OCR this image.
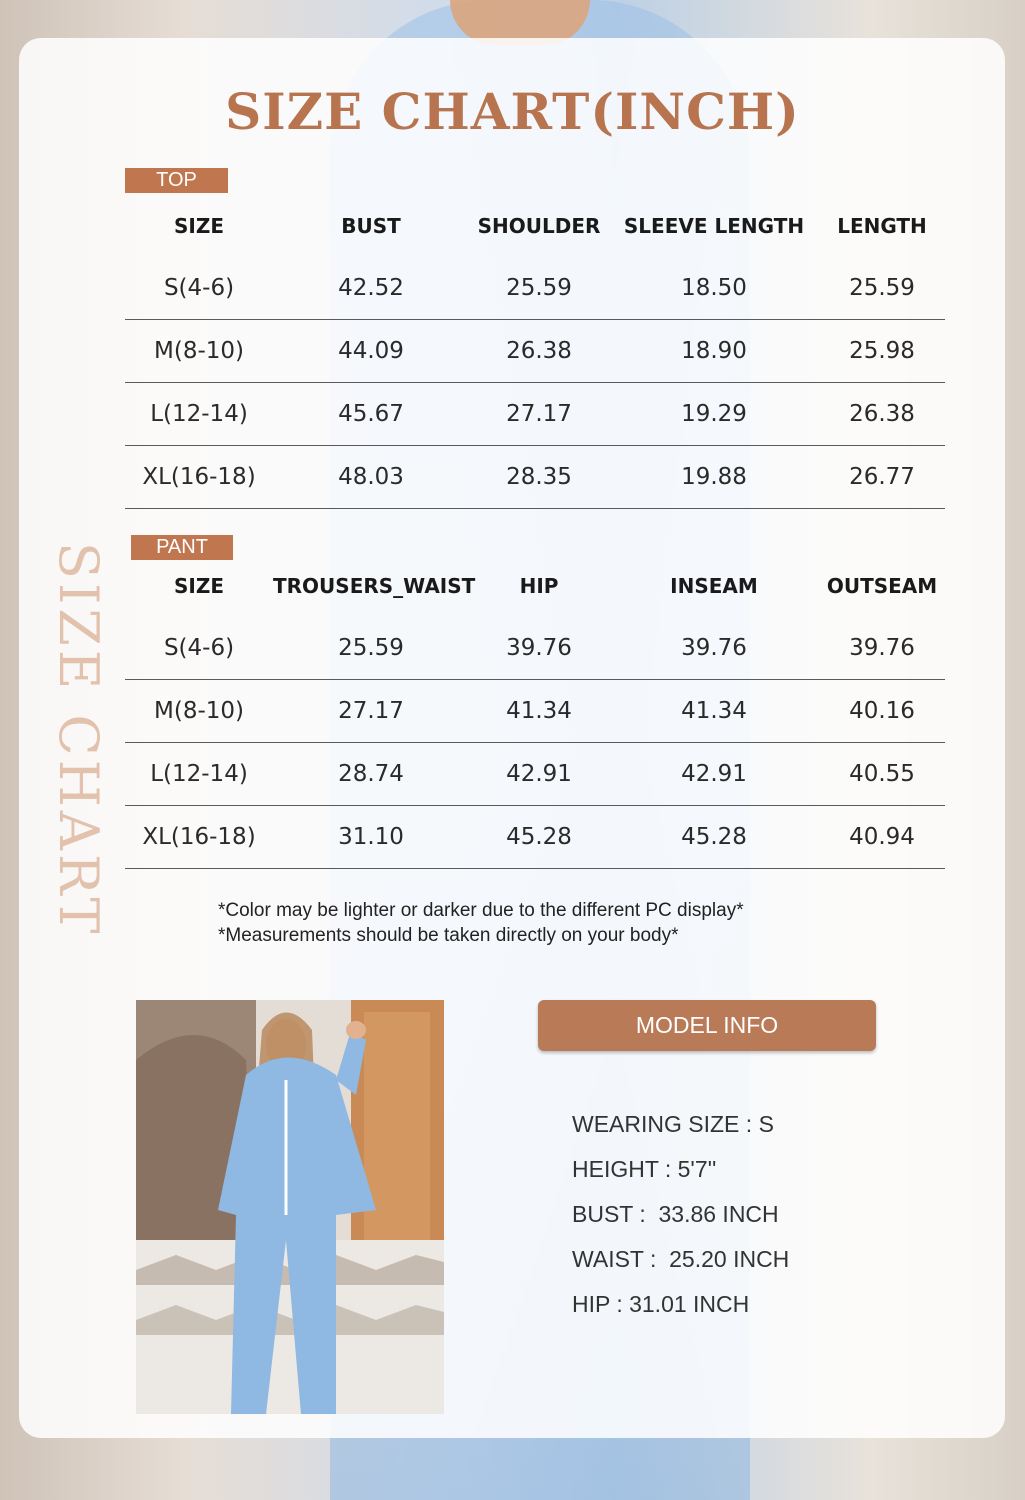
SIZE CHART(INCH)
SIZE CHART
TOP
SIZE	BUST	SHOULDER	SLEEVE LENGTH	LENGTH
S(4-6)	42.52	25.59	18.50	25.59
M(8-10)	44.09	26.38	18.90	25.98
L(12-14)	45.67	27.17	19.29	26.38
XL(16-18)	48.03	28.35	19.88	26.77
PANT
SIZE	TROUSERS_WAIST	HIP	INSEAM	OUTSEAM
S(4-6)	25.59	39.76	39.76	39.76
M(8-10)	27.17	41.34	41.34	40.16
L(12-14)	28.74	42.91	42.91	40.55
XL(16-18)	31.10	45.28	45.28	40.94
*Color may be lighter or darker due to the different PC display*
*Measurements should be taken directly on your body*
MODEL INFO
WEARING SIZE : S
HEIGHT : 5'7''
BUST :  33.86 INCH
WAIST :  25.20 INCH
HIP : 31.01 INCH
